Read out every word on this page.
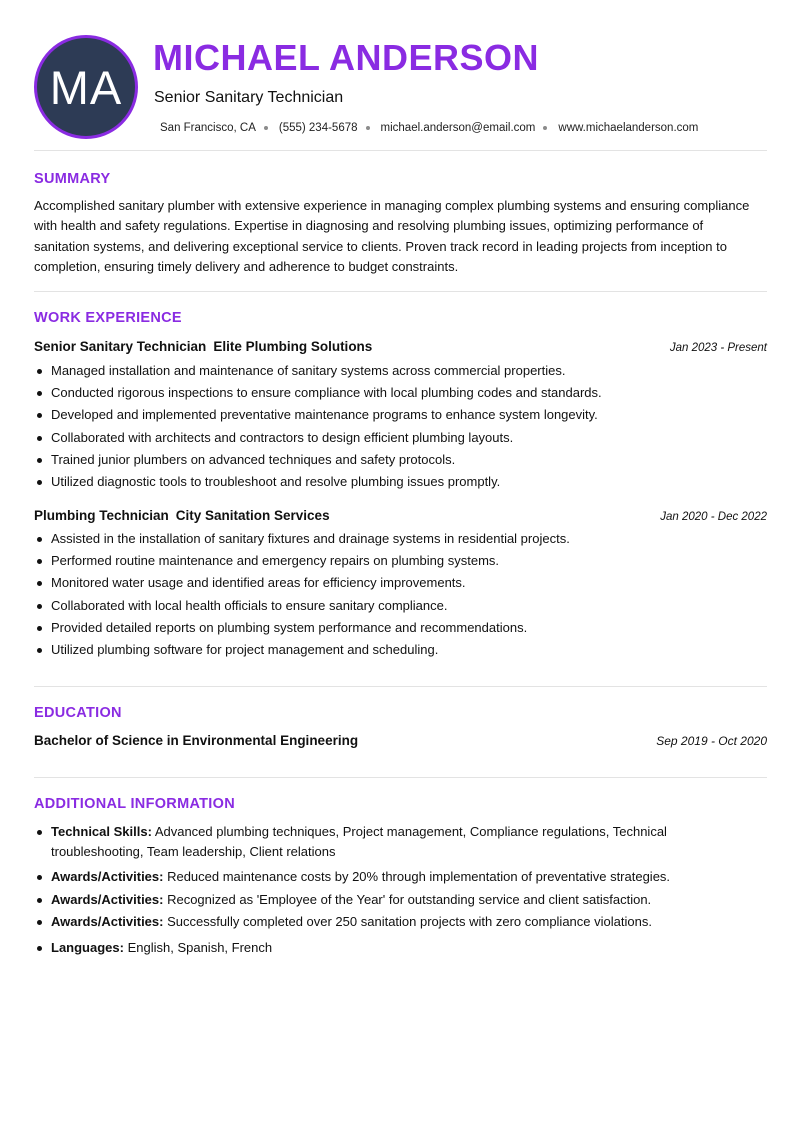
MA
MICHAEL ANDERSON
Senior Sanitary Technician
San Francisco, CA (555) 234-5678 michael.anderson@email.com www.michaelanderson.com
SUMMARY
Accomplished sanitary plumber with extensive experience in managing complex plumbing systems and ensuring compliance with health and safety regulations. Expertise in diagnosing and resolving plumbing issues, optimizing performance of sanitation systems, and delivering exceptional service to clients. Proven track record in leading projects from inception to completion, ensuring timely delivery and adherence to budget constraints.
WORK EXPERIENCE
Senior Sanitary Technician Elite Plumbing Solutions	Jan 2023 - Present
Managed installation and maintenance of sanitary systems across commercial properties.
Conducted rigorous inspections to ensure compliance with local plumbing codes and standards.
Developed and implemented preventative maintenance programs to enhance system longevity.
Collaborated with architects and contractors to design efficient plumbing layouts.
Trained junior plumbers on advanced techniques and safety protocols.
Utilized diagnostic tools to troubleshoot and resolve plumbing issues promptly.
Plumbing Technician City Sanitation Services	Jan 2020 - Dec 2022
Assisted in the installation of sanitary fixtures and drainage systems in residential projects.
Performed routine maintenance and emergency repairs on plumbing systems.
Monitored water usage and identified areas for efficiency improvements.
Collaborated with local health officials to ensure sanitary compliance.
Provided detailed reports on plumbing system performance and recommendations.
Utilized plumbing software for project management and scheduling.
EDUCATION
Bachelor of Science in Environmental Engineering	Sep 2019 - Oct 2020
ADDITIONAL INFORMATION
Technical Skills: Advanced plumbing techniques, Project management, Compliance regulations, Technical troubleshooting, Team leadership, Client relations
Awards/Activities: Reduced maintenance costs by 20% through implementation of preventative strategies.
Awards/Activities: Recognized as 'Employee of the Year' for outstanding service and client satisfaction.
Awards/Activities: Successfully completed over 250 sanitation projects with zero compliance violations.
Languages: English, Spanish, French
